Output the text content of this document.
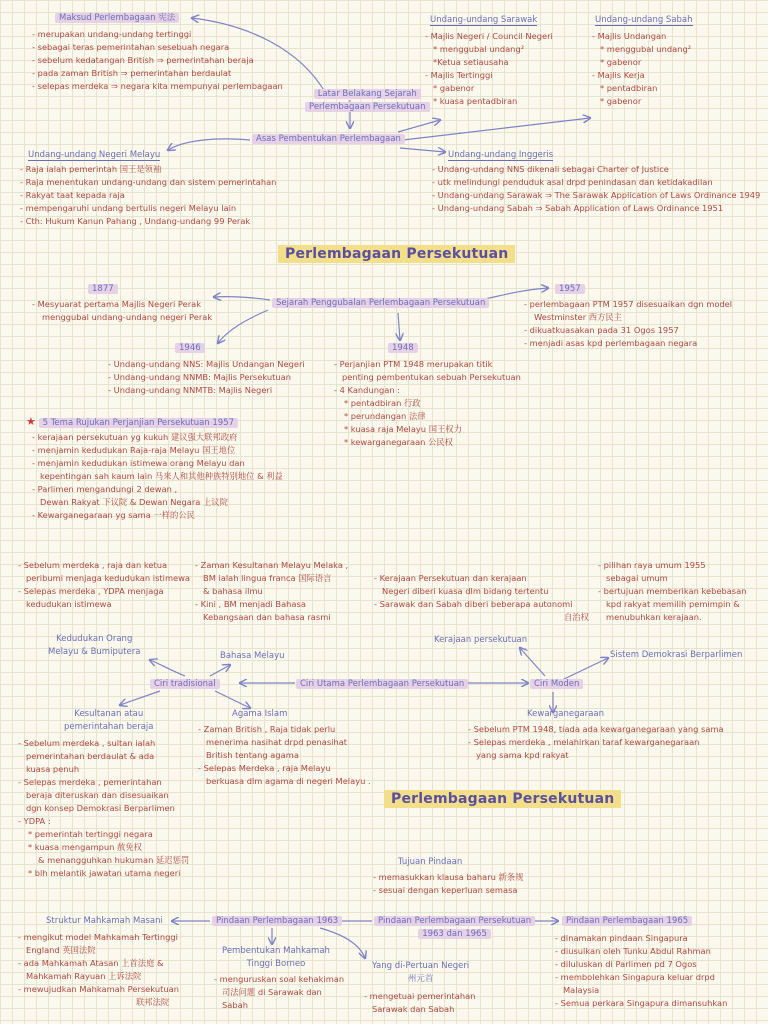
Maksud Perlembagaan 宪法
- merupakan undang-undang tertinggi
- sebagai teras pemerintahan sesebuah negara
- sebelum kedatangan British ⇒ pemerintahan beraja
- pada zaman British ⇒ pemerintahan berdaulat
- selepas merdeka ⇒ negara kita mempunyai perlembagaan
Latar Belakang Sejarah
Perlembagaan Persekutuan
Undang-undang Sarawak
- Majlis Negeri / Council Negeri
* menggubal undang²
*Ketua setiausaha
- Majlis Tertinggi
* gabenor
* kuasa pentadbiran
Undang-undang Sabah
- Majlis Undangan
* menggubal undang²
* gabenor
- Majlis Kerja
* pentadbiran
* gabenor
Asas Pembentukan Perlembagaan
Undang-undang Negeri Melayu
- Raja ialah pemerintah 国王是领袖
- Raja menentukan undang-undang dan sistem pemerintahan
- Rakyat taat kepada raja
- mempengaruhi undang bertulis negeri Melayu lain
- Cth: Hukum Kanun Pahang , Undang-undang 99 Perak
Undang-undang Inggeris
- Undang-undang NNS dikenali sebagai Charter of Justice
- utk melindungi penduduk asal drpd penindasan dan ketidakadilan
- Undang-undang Sarawak ⇒ The Sarawak Application of Laws Ordinance 1949
- Undang-undang Sabah ⇒ Sabah Application of Laws Ordinance 1951
Perlembagaan Persekutuan
Sejarah Penggubalan Perlembagaan Persekutuan
1877
- Mesyuarat pertama Majlis Negeri Perak
menggubal undang-undang negeri Perak
1957
- perlembagaan PTM 1957 disesuaikan dgn model
Westminster 西方民主
- dikuatkuasakan pada 31 Ogos 1957
- menjadi asas kpd perlembagaan negara
1946
- Undang-undang NNS: Majlis Undangan Negeri
- Undang-undang NNMB: Majlis Persekutuan
- Undang-undang NNMTB: Majlis Negeri
1948
- Perjanjian PTM 1948 merupakan titik
penting pembentukan sebuah Persekutuan
- 4 Kandungan :
* pentadbiran 行政
* perundangan 法律
* kuasa raja Melayu 国王权力
* kewarganegaraan 公民权
★ 5 Tema Rujukan Perjanjian Persekutuan 1957
- kerajaan persekutuan yg kukuh 建议强大联邦政府
- menjamin kedudukan Raja-raja Melayu 国王地位
- menjamin kedudukan istimewa orang Melayu dan
kepentingan sah kaum lain 马来人和其他种族特别地位 & 利益
- Parlimen mengandungi 2 dewan ,
Dewan Rakyat 下议院 & Dewan Negara 上议院
- Kewarganegaraan yg sama 一样的公民
- Sebelum merdeka , raja dan ketua
peribumi menjaga kedudukan istimewa
- Selepas merdeka , YDPA menjaga
kedudukan istimewa
- Zaman Kesultanan Melayu Melaka ,
BM ialah lingua franca 国际语言
& bahasa ilmu
- Kini , BM menjadi Bahasa
Kebangsaan dan bahasa rasmi
- Kerajaan Persekutuan dan kerajaan
Negeri diberi kuasa dlm bidang tertentu
- Sarawak dan Sabah diberi beberapa autonomi
自治权
- pilihan raya umum 1955
sebagai umum
- bertujuan memberikan kebebasan
kpd rakyat memilih pemimpin &
menubuhkan kerajaan.
Kedudukan Orang
Melayu & Bumiputera	Bahasa Melayu
Kerajaan persekutuan
Sistem Demokrasi Berparlimen
Ciri tradisional	Ciri Utama Perlembagaan Persekutuan	Ciri Moden
Kesultanan atau
pemerintahan beraja
- Sebelum merdeka , sultan ialah
pemerintahan berdaulat & ada
kuasa penuh
- Selepas merdeka , pemerintahan
beraja diteruskan dan disesuaikan
dgn konsep Demokrasi Berparlimen
- YDPA :
* pemerintah tertinggi negara
* kuasa mengampun 赦免权
& menangguhkan hukuman 延迟惩罚
* blh melantik jawatan utama negeri
Agama Islam
- Zaman British , Raja tidak perlu
menerima nasihat drpd penasihat
British tentang agama
- Selepas Merdeka , raja Melayu
berkuasa dlm agama di negeri Melayu .
Kewarganegaraan
- Sebelum PTM 1948, tiada ada kewarganegaraan yang sama
- Selepas merdeka , melahirkan taraf kewarganegaraan
yang sama kpd rakyat
Perlembagaan Persekutuan
Tujuan Pindaan
- memasukkan klausa baharu 新条规
- sesuai dengan keperluan semasa
Pindaan Perlembagaan Persekutuan
1963 dan 1965
Pindaan Perlembagaan 1963	Pindaan Perlembagaan 1965
- dinamakan pindaan Singapura
- diusulkan oleh Tunku Abdul Rahman
- diluluskan di Parlimen pd 7 Ogos
- membolehkan Singapura keluar drpd
Malaysia
- Semua perkara Singapura dimansuhkan
Struktur Mahkamah Masani
- mengikut model Mahkamah Tertinggi
England 英国法院
- ada Mahkamah Atasan 上首法庭 &
Mahkamah Rayuan 上诉法院
- mewujudkan Mahkamah Persekutuan
联邦法院
Pembentukan Mahkamah
Tinggi Borneo
- menguruskan soal kehakiman
司法问题 di Sarawak dan
Sabah
Yang di-Pertuan Negeri
州元首
- mengetuai pemerintahan
Sarawak dan Sabah
